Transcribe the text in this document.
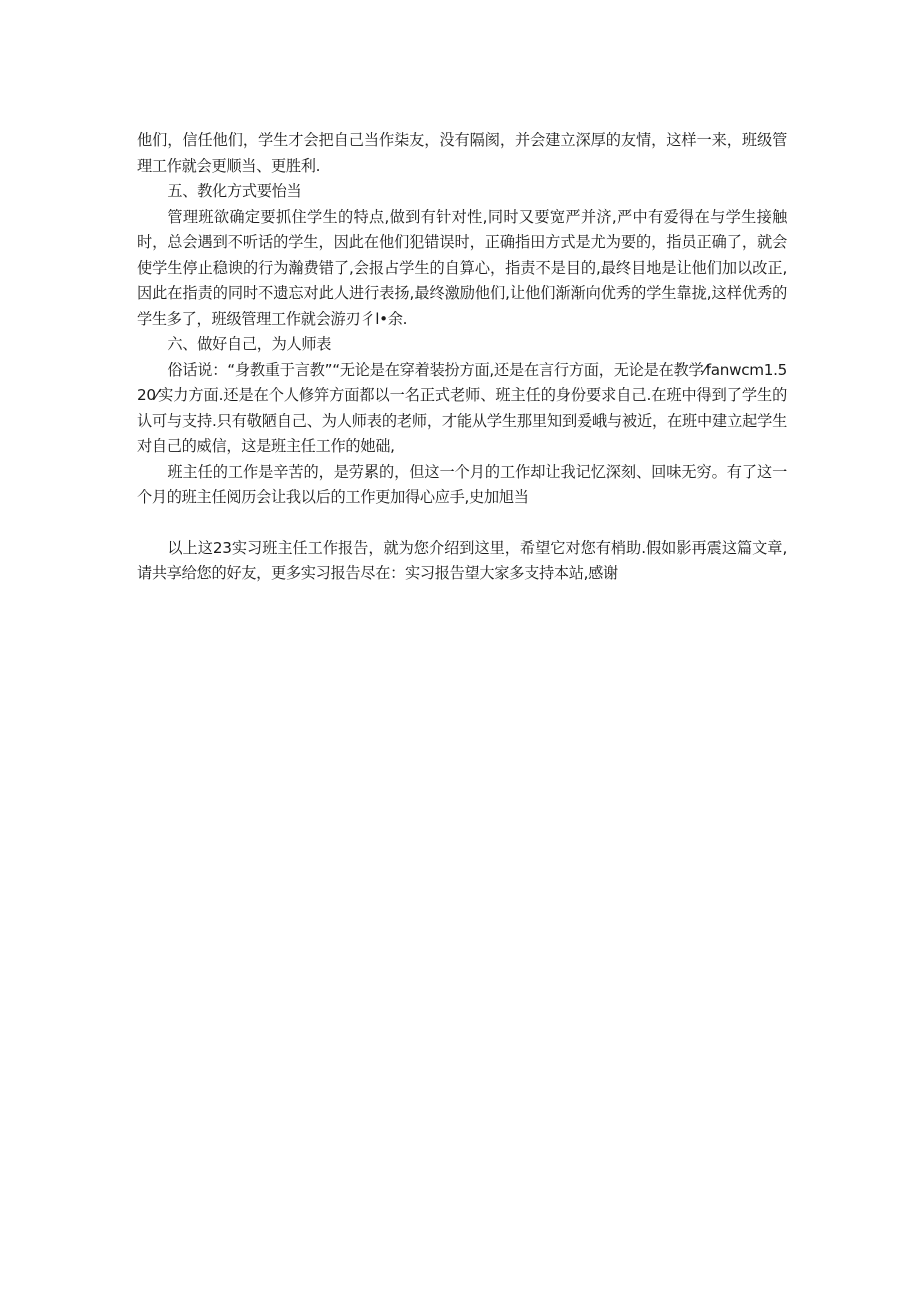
他们，信任他们，学生才会把自己当作柒友，没有隔阂，并会建立深厚的友情，这样一来，班级管理工作就会更顺当、更胜利.

五、教化方式要怡当

管理班欲确定要抓住学生的特点,做到有针对性,同时又要宽严并济,严中有爱得在与学生接触时，总会遇到不听话的学生，因此在他们犯错误时，正确指田方式是尤为要的，指员正确了，就会使学生停止稳谀的行为瀚费错了,会报占学生的自算心，指责不是目的,最终目地是让他们加以改正,因此在指责的同时不遗忘对此人进行表扬,最终激励他们,让他们渐渐向优秀的学生靠拢,这样优秀的学生多了，班级管理工作就会游刃彳l•余.

六、做好自己，为人师表

俗话说：“身教重于言教”“无论是在穿着装扮方面,还是在言行方面，无论是在教学⁄fanwcm1.520⁄实力方面.还是在个人修笄方面都以一名正式老师、班主任的身份要求自己.在班中得到了学生的认可与支持.只有敬陋自己、为人师表的老师，才能从学生那里知到爰峨与被近，在班中建立起学生对自己的威信，这是班主任工作的她础,

班主任的工作是辛苦的，是劳累的，但这一个月的工作却让我记忆深刻、回味无穷。有了这一个月的班主任阅历会让我以后的工作更加得心应手,史加旭当

以上这23实习班主任工作报告，就为您介绍到这里，希望它对您有梢助.假如影再震这篇文章,请共享给您的好友，更多实习报告尽在：实习报告望大家多支持本站,感谢
